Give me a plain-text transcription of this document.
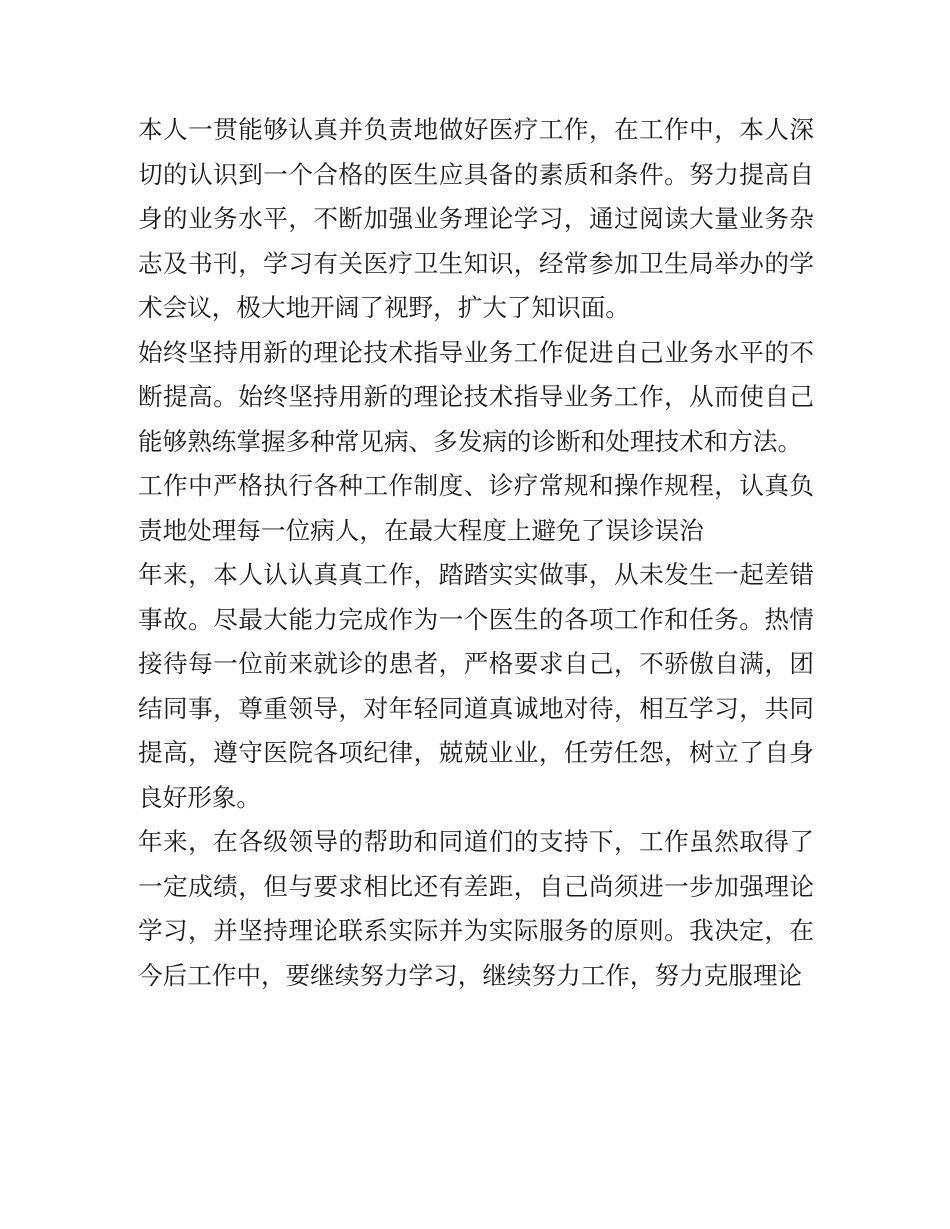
本人一贯能够认真并负责地做好医疗工作，在工作中，本人深切的认识到一个合格的医生应具备的素质和条件。努力提高自身的业务水平，不断加强业务理论学习，通过阅读大量业务杂志及书刊，学习有关医疗卫生知识，经常参加卫生局举办的学术会议，极大地开阔了视野，扩大了知识面。

始终坚持用新的理论技术指导业务工作促进自己业务水平的不断提高。始终坚持用新的理论技术指导业务工作，从而使自己能够熟练掌握多种常见病、多发病的诊断和处理技术和方法。

工作中严格执行各种工作制度、诊疗常规和操作规程，认真负责地处理每一位病人，在最大程度上避免了误诊误治

年来，本人认认真真工作，踏踏实实做事，从未发生一起差错事故。尽最大能力完成作为一个医生的各项工作和任务。热情接待每一位前来就诊的患者，严格要求自己，不骄傲自满，团结同事，尊重领导，对年轻同道真诚地对待，相互学习，共同提高，遵守医院各项纪律，兢兢业业，任劳任怨，树立了自身良好形象。

年来，在各级领导的帮助和同道们的支持下，工作虽然取得了一定成绩，但与要求相比还有差距，自己尚须进一步加强理论学习，并坚持理论联系实际并为实际服务的原则。我决定，在今后工作中，要继续努力学习，继续努力工作，努力克服理论
